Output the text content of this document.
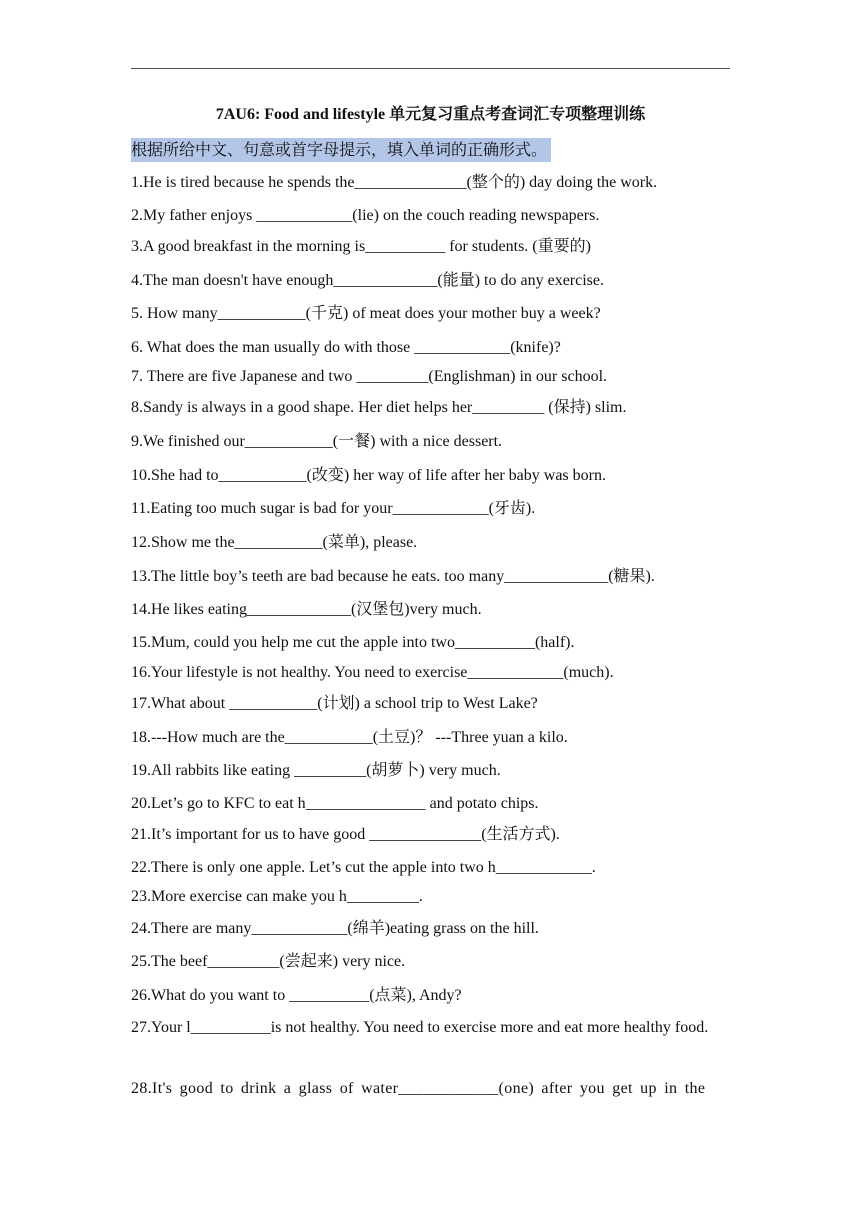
7AU6: Food and lifestyle 单元复习重点考查词汇专项整理训练
根据所给中文、句意或首字母提示，填入单词的正确形式。
1.He is tired because he spends the______________(整个的) day doing the work.
2.My father enjoys ____________(lie) on the couch reading newspapers.
3.A good breakfast in the morning is__________ for students. (重要的)
4.The man doesn't have enough_____________(能量) to do any exercise.
5. How many___________(千克) of meat does your mother buy a week?
6. What does the man usually do with those ____________(knife)?
7. There are five Japanese and two _________(Englishman) in our school.
8.Sandy is always in a good shape. Her diet helps her_________ (保持) slim.
9.We finished our___________(一餐) with a nice dessert.
10.She had to___________(改变) her way of life after her baby was born.
11.Eating too much sugar is bad for your____________(牙齿).
12.Show me the___________(菜单), please.
13.The little boy’s teeth are bad because he eats. too many_____________(糖果).
14.He likes eating_____________(汉堡包)very much.
15.Mum, could you help me cut the apple into two__________(half).
16.Your lifestyle is not healthy. You need to exercise____________(much).
17.What about ___________(计划) a school trip to West Lake?
18.---How much are the___________(土豆)？ ---Three yuan a kilo.
19.All rabbits like eating _________(胡萝卜) very much.
20.Let’s go to KFC to eat h_______________ and potato chips.
21.It’s important for us to have good ______________(生活方式).
22.There is only one apple. Let’s cut the apple into two h____________.
23.More exercise can make you h_________.
24.There are many____________(绵羊)eating grass on the hill.
25.The beef_________(尝起来) very nice.
26.What do you want to __________(点菜), Andy?
27.Your l__________is not healthy. You need to exercise more and eat more healthy food.
28.It's good to drink a glass of water____________(one) after you get up in the
